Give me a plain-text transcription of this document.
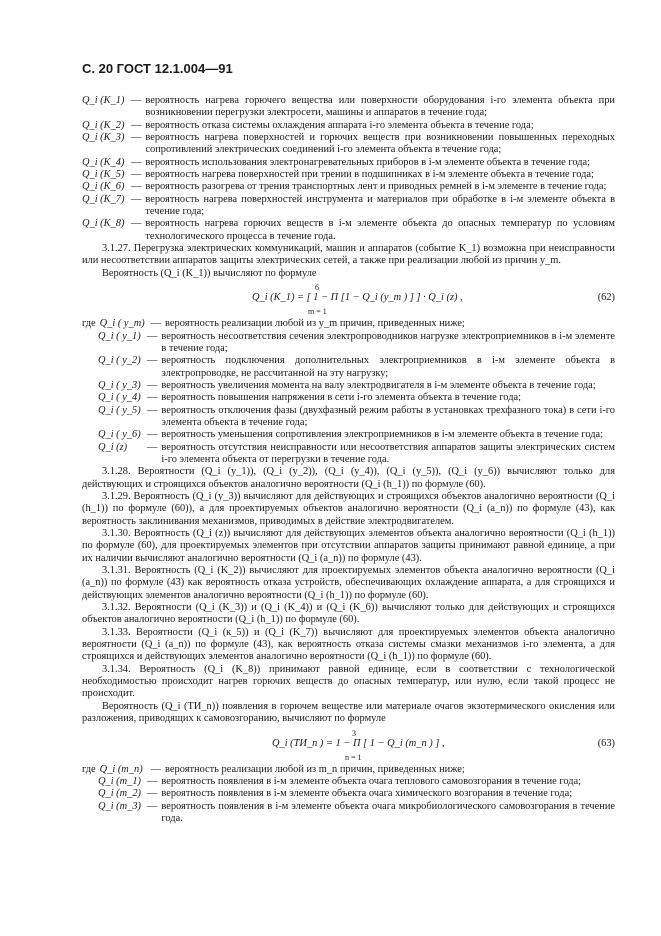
С. 20 ГОСТ 12.1.004—91
Q_i (K_1) — вероятность нагрева горючего вещества или поверхности оборудования i-го элемента объекта при возникновении перегрузки электросети, машины и аппаратов в течение года;
Q_i (K_2) — вероятность отказа системы охлаждения аппарата i-го элемента объекта в течение года;
Q_i (K_3) — вероятность нагрева поверхностей и горючих веществ при возникновении повышенных переходных сопротивлений электрических соединений i-го элемента объекта в течение года;
Q_i (K_4) — вероятность использования электронагревательных приборов в i-м элементе объекта в течение года;
Q_i (K_5) — вероятность нагрева поверхностей при трении в подшипниках в i-м элементе объекта в течение года;
Q_i (K_6) — вероятность разогрева от трения транспортных лент и приводных ремней в i-м элементе в течение года;
Q_i (K_7) — вероятность нагрева поверхностей инструмента и материалов при обработке в i-м элементе объекта в течение года;
Q_i (K_8) — вероятность нагрева горючих веществ в i-м элементе объекта до опасных температур по условиям технологического процесса в течение года.

3.1.27. Перегрузка электрических коммуникаций, машин и аппаратов (событие K_1) возможна при неисправности или несоответствии аппаратов защиты электрических сетей, а также при реализации любой из причин y_m.

Вероятность (Q_i (K_1)) вычисляют по формуле

Q_i (K_1) = [ 1 − Π [1 − Q_i (y_m ) ] ] · Q_i (z) ,
6
m = 1
(62)
где Q_i ( y_m) — вероятность реализации любой из y_m причин, приведенных ниже;
Q_i ( y_1) — вероятность несоответствия сечения электропроводников нагрузке электроприемников в i-м элементе в течение года;
Q_i ( y_2) — вероятность подключения дополнительных электроприемников в i-м элементе объекта в электропроводке, не рассчитанной на эту нагрузку;
Q_i ( y_3) — вероятность увеличения момента на валу электродвигателя в i-м элементе объекта в течение года;
Q_i ( y_4) — вероятность повышения напряжения в сети i-го элемента объекта в течение года;
Q_i ( y_5) — вероятность отключения фазы (двухфазный режим работы в установках трехфазного тока) в сети i-го элемента объекта в течение года;
Q_i ( y_6) — вероятность уменьшения сопротивления электроприемников в i-м элементе объекта в течение года;
Q_i (z)	— вероятность отсутствия неисправности или несоответствия аппаратов защиты электрических систем i-го элемента объекта от перегрузки в течение года.

3.1.28. Вероятности (Q_i (y_1)), (Q_i (y_2)), (Q_i (y_4)), (Q_i (y_5)), (Q_i (y_6)) вычисляют только для действующих и строящихся объектов аналогично вероятности (Q_i (h_1)) по формуле (60).

3.1.29. Вероятность (Q_i (y_3)) вычисляют для действующих и строящихся объектов аналогично вероятности (Q_i (h_1)) по формуле (60)), а для проектируемых объектов аналогично вероятности (Q_i (a_n)) по формуле (43), как вероятность заклинивания механизмов, приводимых в действие электродвигателем.

3.1.30. Вероятность (Q_i (z)) вычисляют для действующих элементов объекта аналогично вероятности (Q_i (h_1)) по формуле (60), для проектируемых элементов при отсутствии аппаратов защиты принимают равной единице, а при их наличии вычисляют аналогично вероятности (Q_i (a_n)) по формуле (43).

3.1.31. Вероятность (Q_i (K_2)) вычисляют для проектируемых элементов объекта аналогично вероятности (Q_i (a_n)) по формуле (43) как вероятность отказа устройств, обеспечивающих охлаждение аппарата, а для строящихся и действующих элементов аналогично вероятности (Q_i (h_1)) по формуле (60).

3.1.32. Вероятности (Q_i (K_3)) и (Q_i (K_4)) и (Q_i (K_6)) вычисляют только для действующих и строящихся объектов аналогично вероятности (Q_i (h_1)) по формуле (60).

3.1.33. Вероятности (Q_i (к_5)) и (Q_i (K_7)) вычисляют для проектируемых элементов объекта аналогично вероятности (Q_i (a_n)) по формуле (43), как вероятность отказа системы смазки механизмов i-го элемента, а для строящихся и действующих элементов аналогично вероятности (Q_i (h_1)) по формуле (60).

3.1.34. Вероятность (Q_i (K_8)) принимают равной единице, если в соответствии с технологической необходимостью происходит нагрев горючих веществ до опасных температур, или нулю, если такой процесс не происходит.

Вероятность (Q_i (ТИ_n)) появления в горючем веществе или материале очагов экзотермического окисления или разложения, приводящих к самовозгоранию, вычисляют по формуле

Q_i (ТИ_n ) = 1 − Π [ 1 − Q_i (m_n ) ] ,
3
n = 1
(63)
где Q_i (m_n) — вероятность реализации любой из m_n причин, приведенных ниже;
Q_i (m_1) — вероятность появления в i-м элементе объекта очага теплового самовозгорания в течение года;
Q_i (m_2) — вероятность появления в i-м элементе объекта очага химического возгорания в течение года;
Q_i (m_3) — вероятность появления в i-м элементе объекта очага микробиологического самовозгорания в течение года.
